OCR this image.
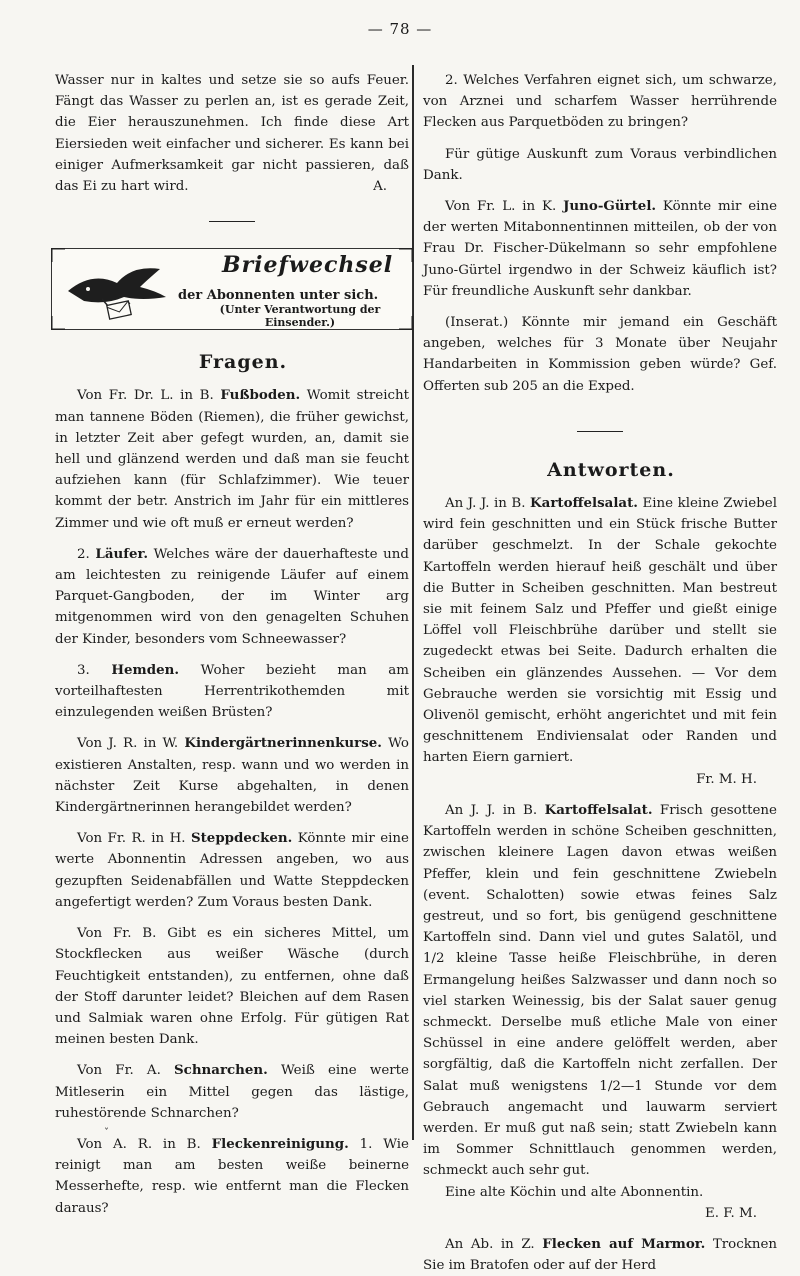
— 78 —

Wasser nur in kaltes und setze sie so aufs Feuer. Fängt das Wasser zu perlen an, ist es gerade Zeit, die Eier herauszunehmen. Ich finde diese Art Eiersieden weit einfacher und sicherer. Es kann bei einiger Aufmerksamkeit gar nicht passieren, daß das Ei zu hart wird.	A.

Briefwechsel
der Abonnenten unter sich.
(Unter Verantwortung der Einsender.)

Fragen.

Von Fr. Dr. L. in B. Fußboden. Womit streicht man tannene Böden (Riemen), die früher gewichst, in letzter Zeit aber gefegt wurden, an, damit sie hell und glänzend werden und daß man sie feucht aufziehen kann (für Schlafzimmer). Wie teuer kommt der betr. Anstrich im Jahr für ein mittleres Zimmer und wie oft muß er erneut werden?

2. Läufer. Welches wäre der dauerhafteste und am leichtesten zu reinigende Läufer auf einem Parquet-Gangboden, der im Winter arg mitgenommen wird von den genagelten Schuhen der Kinder, besonders vom Schneewasser?

3. Hemden. Woher bezieht man am vorteilhaftesten Herrentrikothemden mit einzulegenden weißen Brüsten?

Von J. R. in W. Kindergärtnerinnenkurse. Wo existieren Anstalten, resp. wann und wo werden in nächster Zeit Kurse abgehalten, in denen Kindergärtnerinnen herangebildet werden?

Von Fr. R. in H. Steppdecken. Könnte mir eine werte Abonnentin Adressen angeben, wo aus gezupften Seidenabfällen und Watte Steppdecken angefertigt werden? Zum Voraus besten Dank.

Von Fr. B. Gibt es ein sicheres Mittel, um Stockflecken aus weißer Wäsche (durch Feuchtigkeit entstanden), zu entfernen, ohne daß der Stoff darunter leidet? Bleichen auf dem Rasen und Salmiak waren ohne Erfolg. Für gütigen Rat meinen besten Dank.

Von Fr. A. Schnarchen. Weiß eine werte Mitleserin ein Mittel gegen das lästige, ruhestörende Schnarchen?

Von A. R. in B. Fleckenreinigung. 1. Wie reinigt man am besten weiße beinerne Messerhefte, resp. wie entfernt man die Flecken daraus?

2. Welches Verfahren eignet sich, um schwarze, von Arznei und scharfem Wasser herrührende Flecken aus Parquetböden zu bringen?

Für gütige Auskunft zum Voraus verbindlichen Dank.

Von Fr. L. in K. Juno-Gürtel. Könnte mir eine der werten Mitabonnentinnen mitteilen, ob der von Frau Dr. Fischer-Dükelmann so sehr empfohlene Juno-Gürtel irgendwo in der Schweiz käuflich ist? Für freundliche Auskunft sehr dankbar.

(Inserat.) Könnte mir jemand ein Geschäft angeben, welches für 3 Monate über Neujahr Handarbeiten in Kommission geben würde? Gef. Offerten sub 205 an die Exped.

Antworten.

An J. J. in B. Kartoffelsalat. Eine kleine Zwiebel wird fein geschnitten und ein Stück frische Butter darüber geschmelzt. In der Schale gekochte Kartoffeln werden hierauf heiß geschält und über die Butter in Scheiben geschnitten. Man bestreut sie mit feinem Salz und Pfeffer und gießt einige Löffel voll Fleischbrühe darüber und stellt sie zugedeckt etwas bei Seite. Dadurch erhalten die Scheiben ein glänzendes Aussehen. — Vor dem Gebrauche werden sie vorsichtig mit Essig und Olivenöl gemischt, erhöht angerichtet und mit fein geschnittenem Endiviensalat oder Randen und harten Eiern garniert.

Fr. M. H.

An J. J. in B. Kartoffelsalat. Frisch gesottene Kartoffeln werden in schöne Scheiben geschnitten, zwischen kleinere Lagen davon etwas weißen Pfeffer, klein und fein geschnittene Zwiebeln (event. Schalotten) sowie etwas feines Salz gestreut, und so fort, bis genügend geschnittene Kartoffeln sind. Dann viel und gutes Salatöl, und 1/2 kleine Tasse heiße Fleischbrühe, in deren Ermangelung heißes Salzwasser und dann noch so viel starken Weinessig, bis der Salat sauer genug schmeckt. Derselbe muß etliche Male von einer Schüssel in eine andere gelöffelt werden, aber sorgfältig, daß die Kartoffeln nicht zerfallen. Der Salat muß wenigstens 1/2—1 Stunde vor dem Gebrauch angemacht und lauwarm serviert werden. Er muß gut naß sein; statt Zwiebeln kann im Sommer Schnittlauch genommen werden, schmeckt auch sehr gut.

Eine alte Köchin und alte Abonnentin.

E. F. M.

An Ab. in Z. Flecken auf Marmor. Trocknen Sie im Bratofen oder auf der Herd

ˇ
